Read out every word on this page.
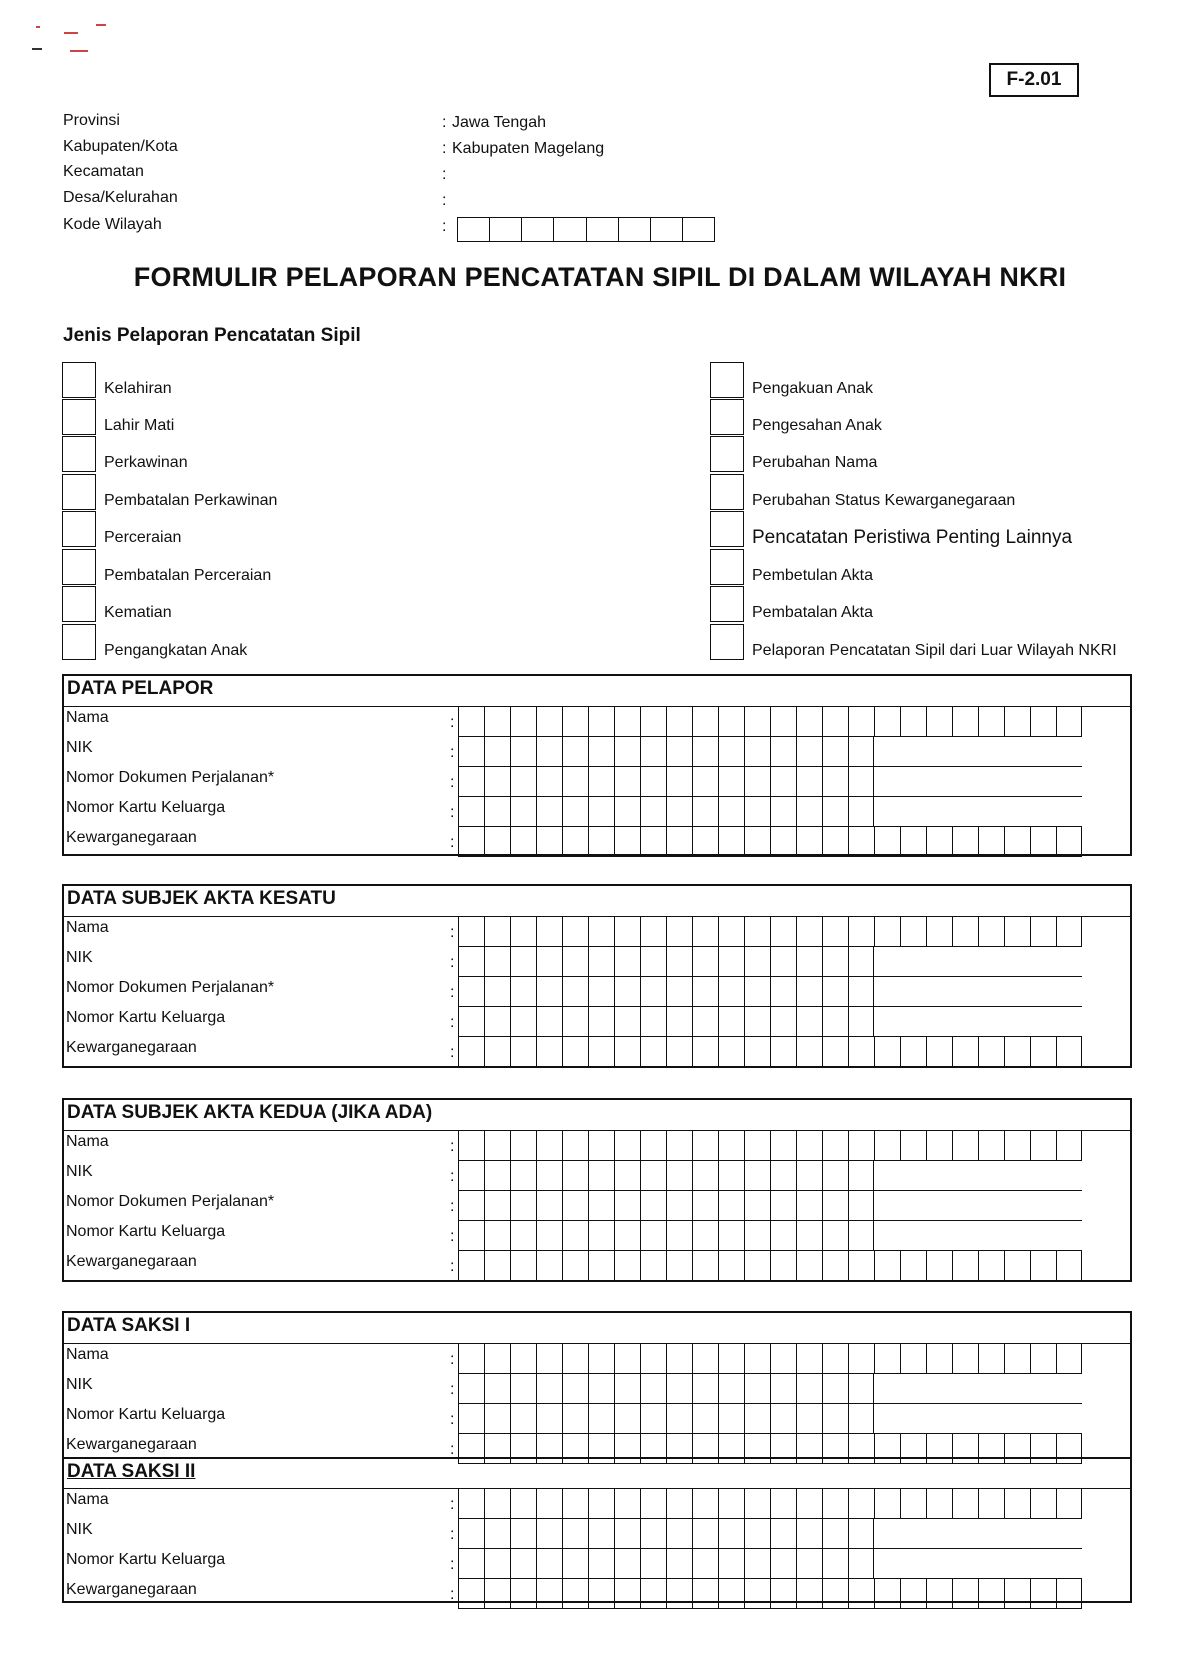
F-2.01
Provinsi	: Jawa Tengah
Kabupaten/Kota	: Kabupaten Magelang
Kecamatan	:
Desa/Kelurahan	:
Kode Wilayah	:
FORMULIR PELAPORAN PENCATATAN SIPIL DI DALAM WILAYAH NKRI
Jenis Pelaporan Pencatatan Sipil
DATA PELAPOR
Nama	:
NIK	:
Nomor Dokumen Perjalanan*	:
Nomor Kartu Keluarga	:
Kewarganegaraan	:
DATA SUBJEK AKTA KESATU
Nama	:
NIK	:
Nomor Dokumen Perjalanan*	:
Nomor Kartu Keluarga	:
Kewarganegaraan	:
DATA SUBJEK AKTA KEDUA (JIKA ADA)
Nama	:
NIK	:
Nomor Dokumen Perjalanan*	:
Nomor Kartu Keluarga	:
Kewarganegaraan	:
DATA SAKSI I
Nama	:
NIK	:
Nomor Kartu Keluarga	:
Kewarganegaraan	:
DATA SAKSI II
Nama	:
NIK	:
Nomor Kartu Keluarga	:
Kewarganegaraan	:
Kelahiran
Lahir Mati
Perkawinan
Pembatalan Perkawinan
Perceraian
Pembatalan Perceraian
Kematian
Pengangkatan Anak
Pengakuan Anak
Pengesahan Anak
Perubahan Nama
Perubahan Status Kewarganegaraan
Pencatatan Peristiwa Penting Lainnya
Pembetulan Akta
Pembatalan Akta
Pelaporan Pencatatan Sipil dari Luar Wilayah NKRI
